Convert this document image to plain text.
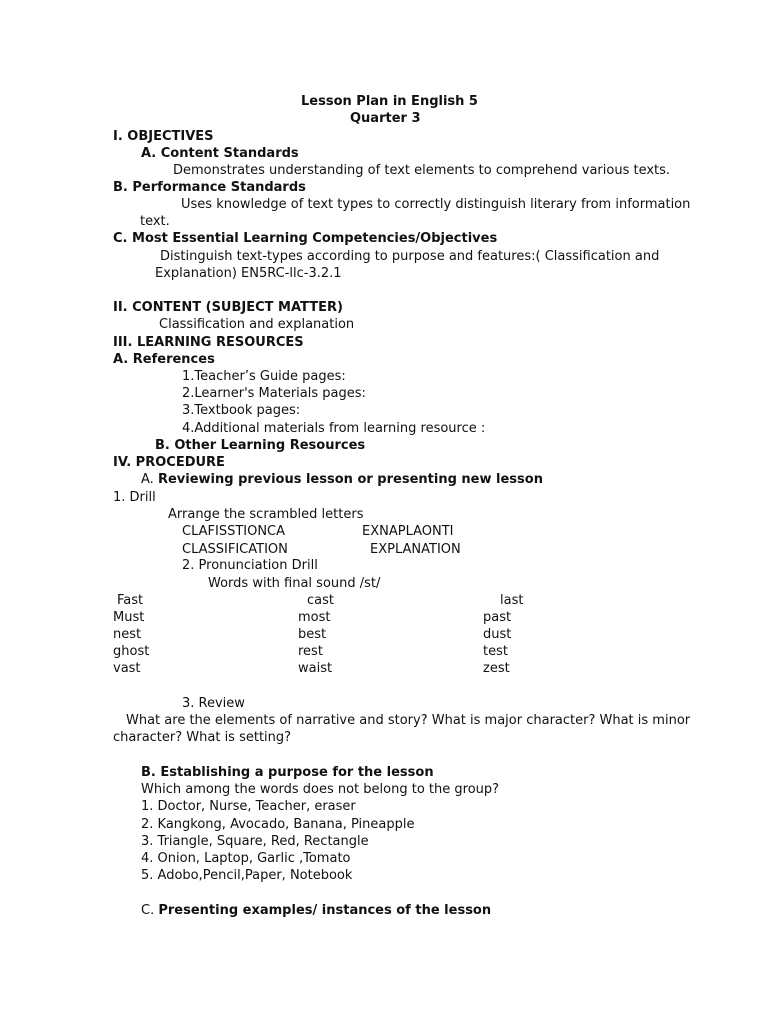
Lesson Plan in English 5
Quarter 3
I. OBJECTIVES
A. Content Standards
Demonstrates understanding of text elements to comprehend various texts.
B. Performance Standards
Uses knowledge of text types to correctly distinguish literary from information
text.
C. Most Essential Learning Competencies/Objectives
Distinguish text-types according to purpose and features:( Classification and
Explanation) EN5RC-llc-3.2.1
II. CONTENT (SUBJECT MATTER)
Classification and explanation
III. LEARNING RESOURCES
A. References
1.Teacher’s Guide pages:
2.Learner's Materials pages:
3.Textbook pages:
4.Additional materials from learning resource :
B. Other Learning Resources
IV. PROCEDURE
A. Reviewing previous lesson or presenting new lesson
1. Drill
Arrange the scrambled letters
CLAFISSTIONCA	EXNAPLAONTI
CLASSIFICATION	EXPLANATION
2. Pronunciation Drill
Words with final sound /st/
Fast	cast	last
Must	most	past
nest	best	dust
ghost	rest	test
vast	waist	zest
3. Review
What are the elements of narrative and story? What is major character? What is minor
character? What is setting?
B. Establishing a purpose for the lesson
Which among the words does not belong to the group?
1. Doctor, Nurse, Teacher, eraser
2. Kangkong, Avocado, Banana, Pineapple
3. Triangle, Square, Red, Rectangle
4. Onion, Laptop, Garlic ,Tomato
5. Adobo,Pencil,Paper, Notebook
C. Presenting examples/ instances of the lesson
